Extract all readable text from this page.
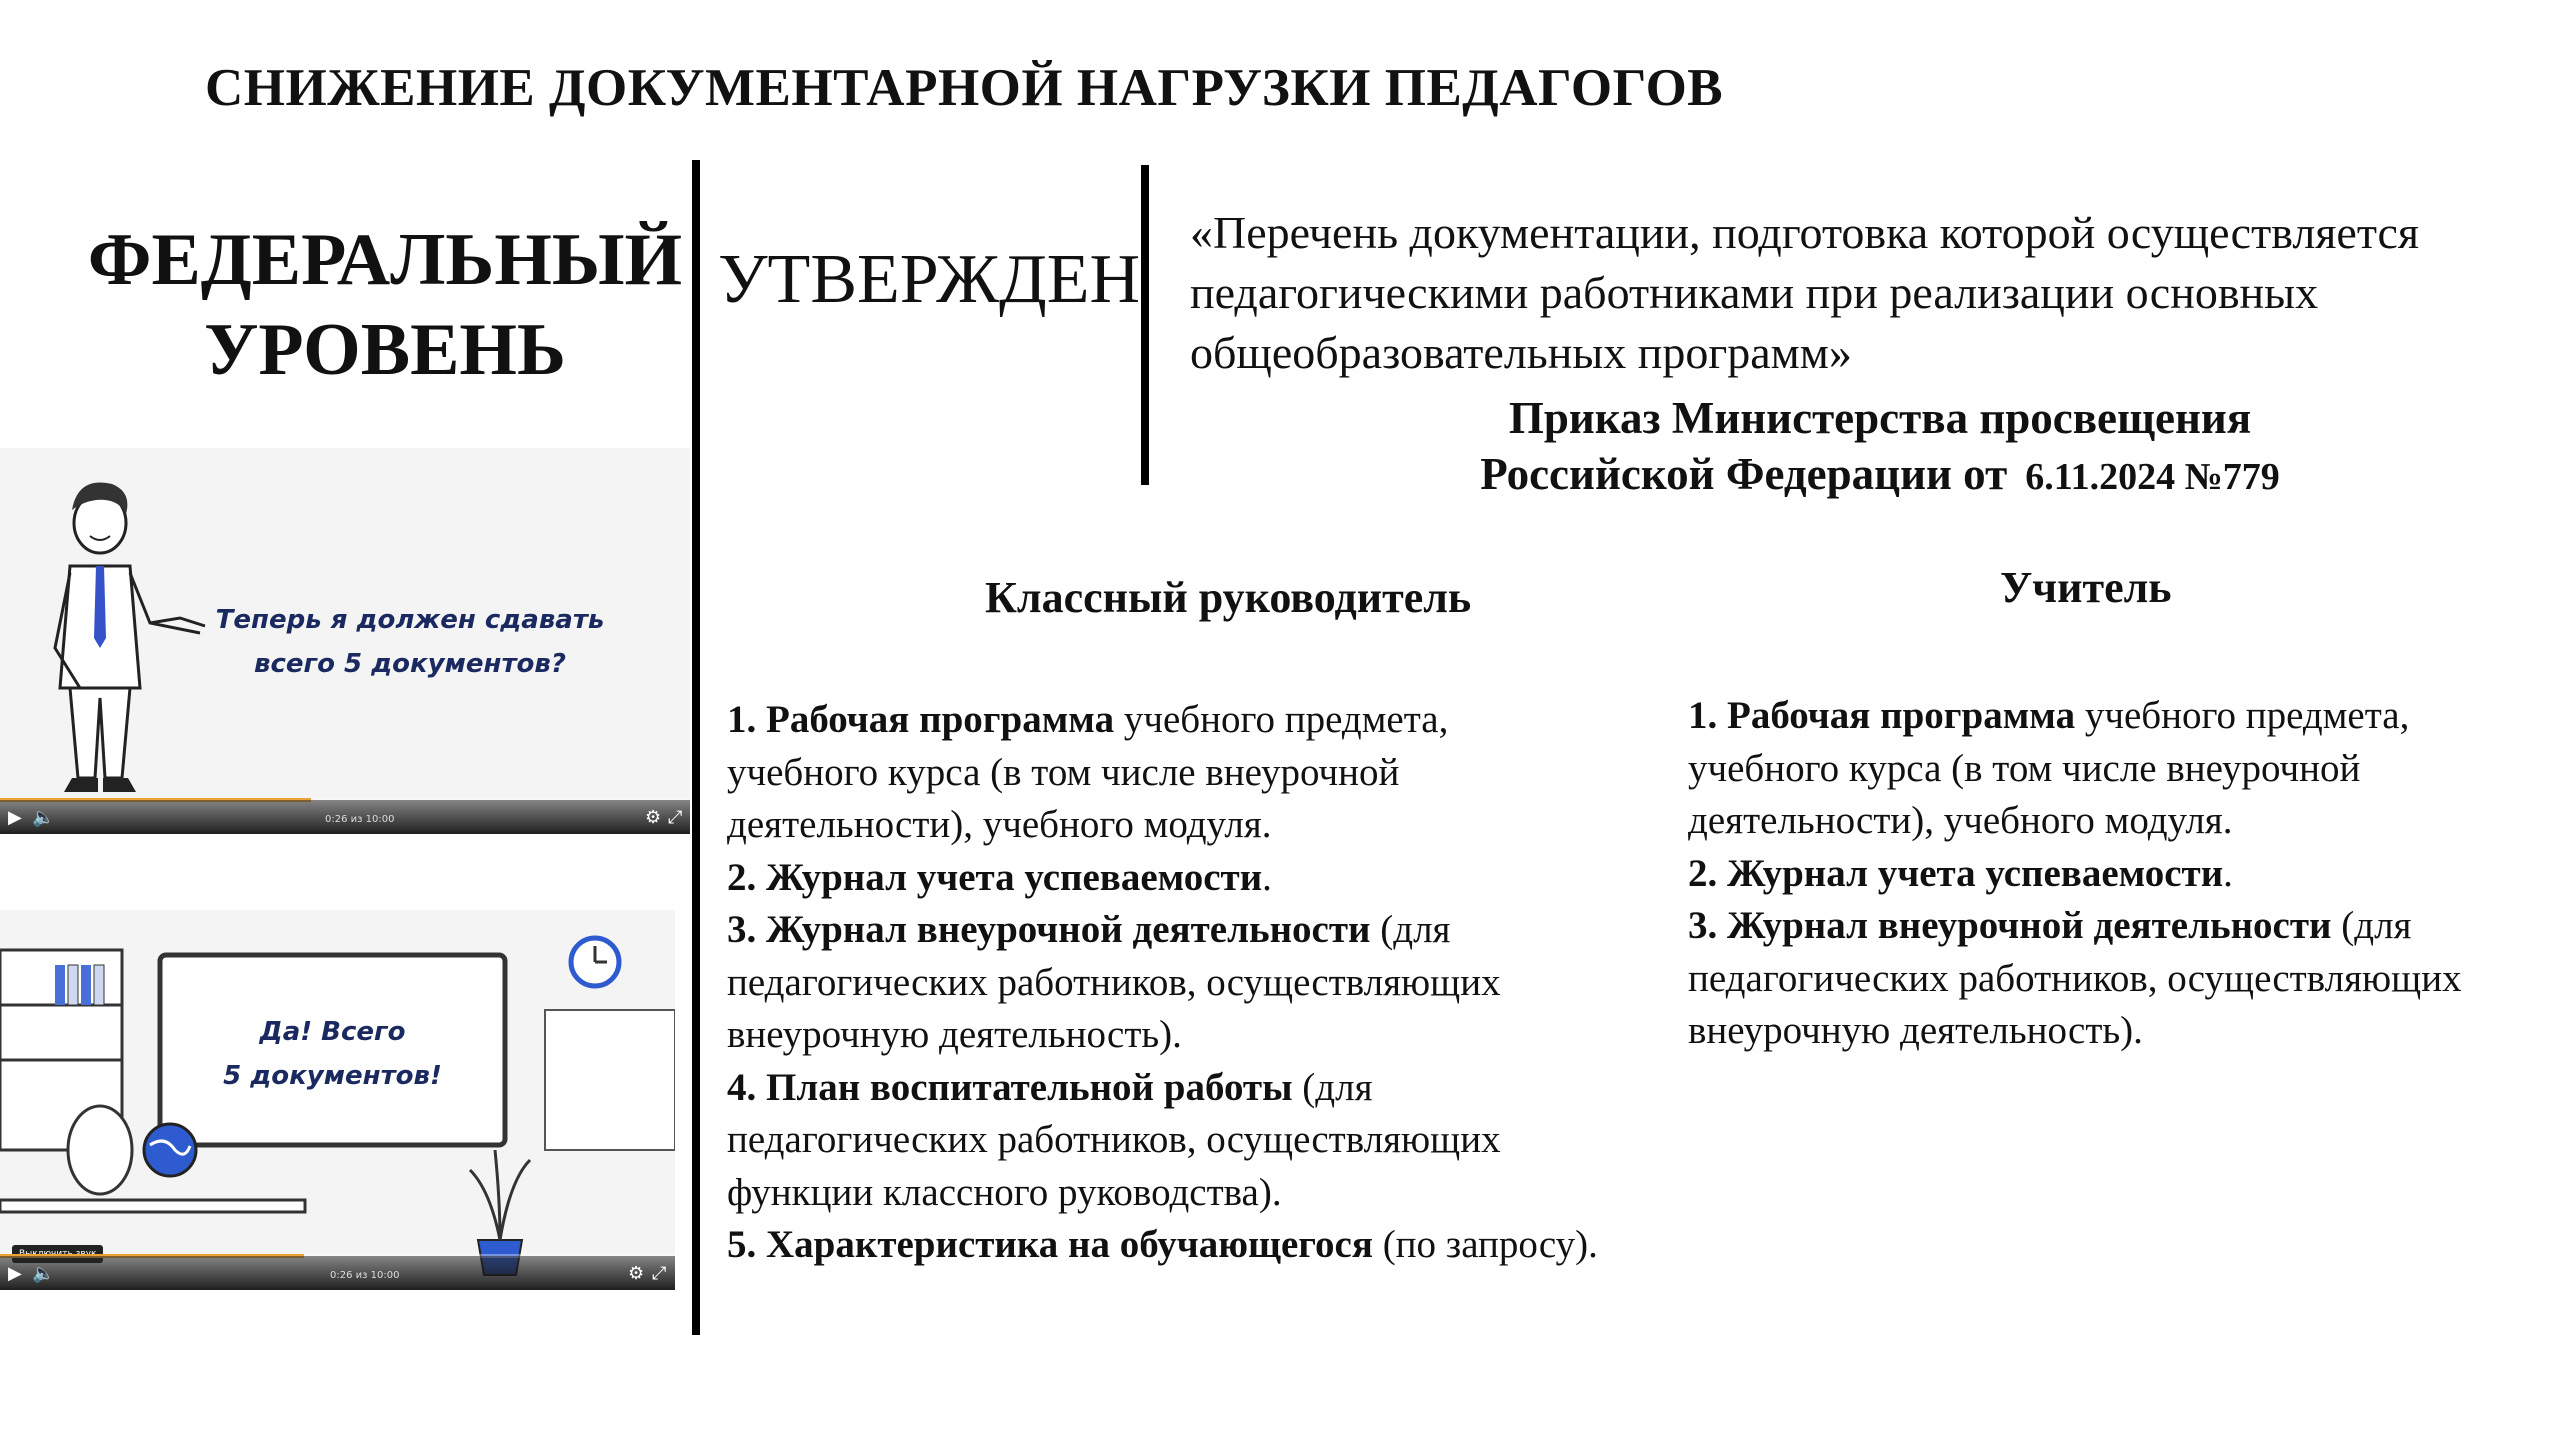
СНИЖЕНИЕ ДОКУМЕНТАРНОЙ НАГРУЗКИ ПЕДАГОГОВ
ФЕДЕРАЛЬНЫЙ
УРОВЕНЬ
УТВЕРЖДЕН
«Перечень документации, подготовка которой осуществляется педагогическими работниками при реализации основных общеобразовательных программ»
Приказ Министерства просвещения
Российской Федерации от 6.11.2024 №779
Теперь я должен сдавать
всего 5 документов?
▶ 🔈	0:26 из 10:00	⚙ ⤢
Да! Всего
5 документов!
▶ 🔈	0:26 из 10:00	⚙ ⤢
Классный руководитель
1. Рабочая программа учебного предмета, учебного курса (в том числе внеурочной деятельности), учебного модуля.
2. Журнал учета успеваемости.
3. Журнал внеурочной деятельности (для педагогических работников, осуществляющих внеурочную деятельность).
4. План воспитательной работы (для педагогических работников, осуществляющих функции классного руководства).
5. Характеристика на обучающегося (по запросу).
Учитель
1. Рабочая программа учебного предмета, учебного курса (в том числе внеурочной деятельности), учебного модуля.
2. Журнал учета успеваемости.
3. Журнал внеурочной деятельности (для педагогических работников, осуществляющих внеурочную деятельность).
